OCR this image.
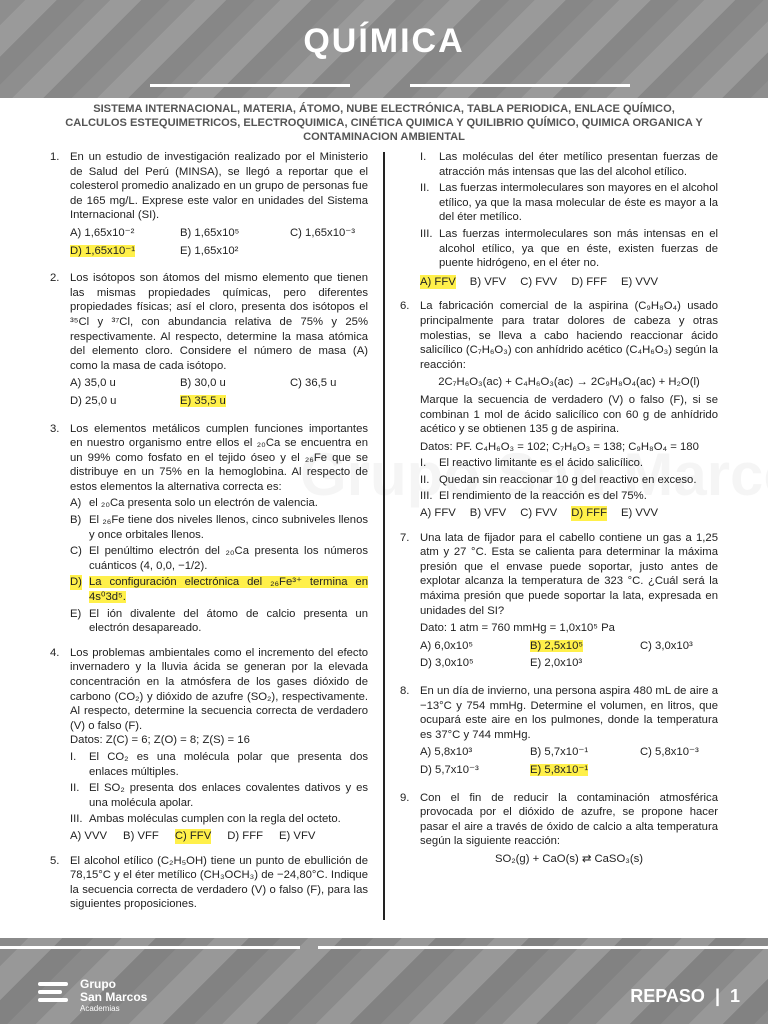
QUÍMICA
SISTEMA INTERNACIONAL, MATERIA, ÁTOMO, NUBE ELECTRÓNICA, TABLA PERIODICA, ENLACE QUÍMICO, CALCULOS ESTEQUIMETRICOS, ELECTROQUIMICA, CINÉTICA QUIMICA Y QUILIBRIO QUÍMICO, QUIMICA ORGANICA Y CONTAMINACION AMBIENTAL
1. En un estudio de investigación realizado por el Ministerio de Salud del Perú (MINSA), se llegó a reportar que el colesterol promedio analizado en un grupo de personas fue de 165 mg/L. Exprese este valor en unidades del Sistema Internacional (SI).
A) 1,65x10⁻²	B) 1,65x10⁵	C) 1,65x10⁻³
D) 1,65x10⁻¹	E) 1,65x10²
2. Los isótopos son átomos del mismo elemento que tienen las mismas propiedades químicas, pero diferentes propiedades físicas; así el cloro, presenta dos isótopos el ³⁵Cl y ³⁷Cl, con abundancia relativa de 75% y 25% respectivamente. Al respecto, determine la masa atómica del elemento cloro. Considere el número de masa (A) como la masa de cada isótopo.
A) 35,0 u	B) 30,0 u	C) 36,5 u
D) 25,0 u	E) 35,5 u
3. Los elementos metálicos cumplen funciones importantes en nuestro organismo entre ellos el ₂₀Ca se encuentra en un 99% como fosfato en el tejido óseo y el ₂₆Fe que se distribuye en un 75% en la hemoglobina. Al respecto de estos elementos la alternativa correcta es:
A) el ₂₀Ca presenta solo un electrón de valencia.
B) El ₂₆Fe tiene dos niveles llenos, cinco subniveles llenos y once orbitales llenos.
C) El penúltimo electrón del ₂₀Ca presenta los números cuánticos (4, 0,0, −1/2).
D) La configuración electrónica del ₂₆Fe³⁺ termina en 4s⁰3d⁵.
E) El ión divalente del átomo de calcio presenta un electrón desapareado.
4. Los problemas ambientales como el incremento del efecto invernadero y la lluvia ácida se generan por la elevada concentración en la atmósfera de los gases dióxido de carbono (CO₂) y dióxido de azufre (SO₂), respectivamente. Al respecto, determine la secuencia correcta de verdadero (V) o falso (F).
Datos: Z(C) = 6; Z(O) = 8; Z(S) = 16
I. El CO₂ es una molécula polar que presenta dos enlaces múltiples.
II. El SO₂ presenta dos enlaces covalentes dativos y es una molécula apolar.
III. Ambas moléculas cumplen con la regla del octeto.
A) VVV B) VFF C) FFV D) FFF E) VFV
5. El alcohol etílico (C₂H₅OH) tiene un punto de ebullición de 78,15°C y el éter metílico (CH₃OCH₃) de −24,80°C. Indique la secuencia correcta de verdadero (V) o falso (F), para las siguientes proposiciones.
I. Las moléculas del éter metílico presentan fuerzas de atracción más intensas que las del alcohol etílico.
II. Las fuerzas intermoleculares son mayores en el alcohol etílico, ya que la masa molecular de éste es mayor a la del éter metílico.
III. Las fuerzas intermoleculares son más intensas en el alcohol etílico, ya que en éste, existen fuerzas de puente hidrógeno, en el éter no.
A) FFV B) VFV C) FVV D) FFF E) VVV
6. La fabricación comercial de la aspirina (C₉H₈O₄) usado principalmente para tratar dolores de cabeza y otras molestias, se lleva a cabo haciendo reaccionar ácido salicílico (C₇H₆O₃) con anhídrido acético (C₄H₆O₃) según la reacción:
2C₇H₆O₃(ac) + C₄H₆O₃(ac) → 2C₉H₈O₄(ac) + H₂O(l)
Marque la secuencia de verdadero (V) o falso (F), si se combinan 1 mol de ácido salicílico con 60 g de anhídrido acético y se obtienen 135 g de aspirina.
Datos: PF. C₄H₆O₃ = 102; C₇H₆O₃ = 138; C₉H₈O₄ = 180
I. El reactivo limitante es el ácido salicílico.
II. Quedan sin reaccionar 10 g del reactivo en exceso.
III. El rendimiento de la reacción es del 75%.
A) FFV B) VFV C) FVV D) FFF E) VVV
7. Una lata de fijador para el cabello contiene un gas a 1,25 atm y 27 °C. Esta se calienta para determinar la máxima presión que el envase puede soportar, justo antes de explotar alcanza la temperatura de 323 °C. ¿Cuál será la máxima presión que puede soportar la lata, expresada en unidades del SI?
Dato: 1 atm = 760 mmHg = 1,0x10⁵ Pa
A) 6,0x10⁵	B) 2,5x10⁵	C) 3,0x10³
D) 3,0x10⁵	E) 2,0x10³
8. En un día de invierno, una persona aspira 480 mL de aire a −13°C y 754 mmHg. Determine el volumen, en litros, que ocupará este aire en los pulmones, donde la temperatura es 37°C y 744 mmHg.
A) 5,8x10³	B) 5,7x10⁻¹	C) 5,8x10⁻³
D) 5,7x10⁻³	E) 5,8x10⁻¹
9. Con el fin de reducir la contaminación atmosférica provocada por el dióxido de azufre, se propone hacer pasar el aire a través de óxido de calcio a alta temperatura según la siguiente reacción:
SO₂(g) + CaO(s) ⇄ CaSO₃(s)
Grupo
San Marcos
Academias
REPASO | 1
